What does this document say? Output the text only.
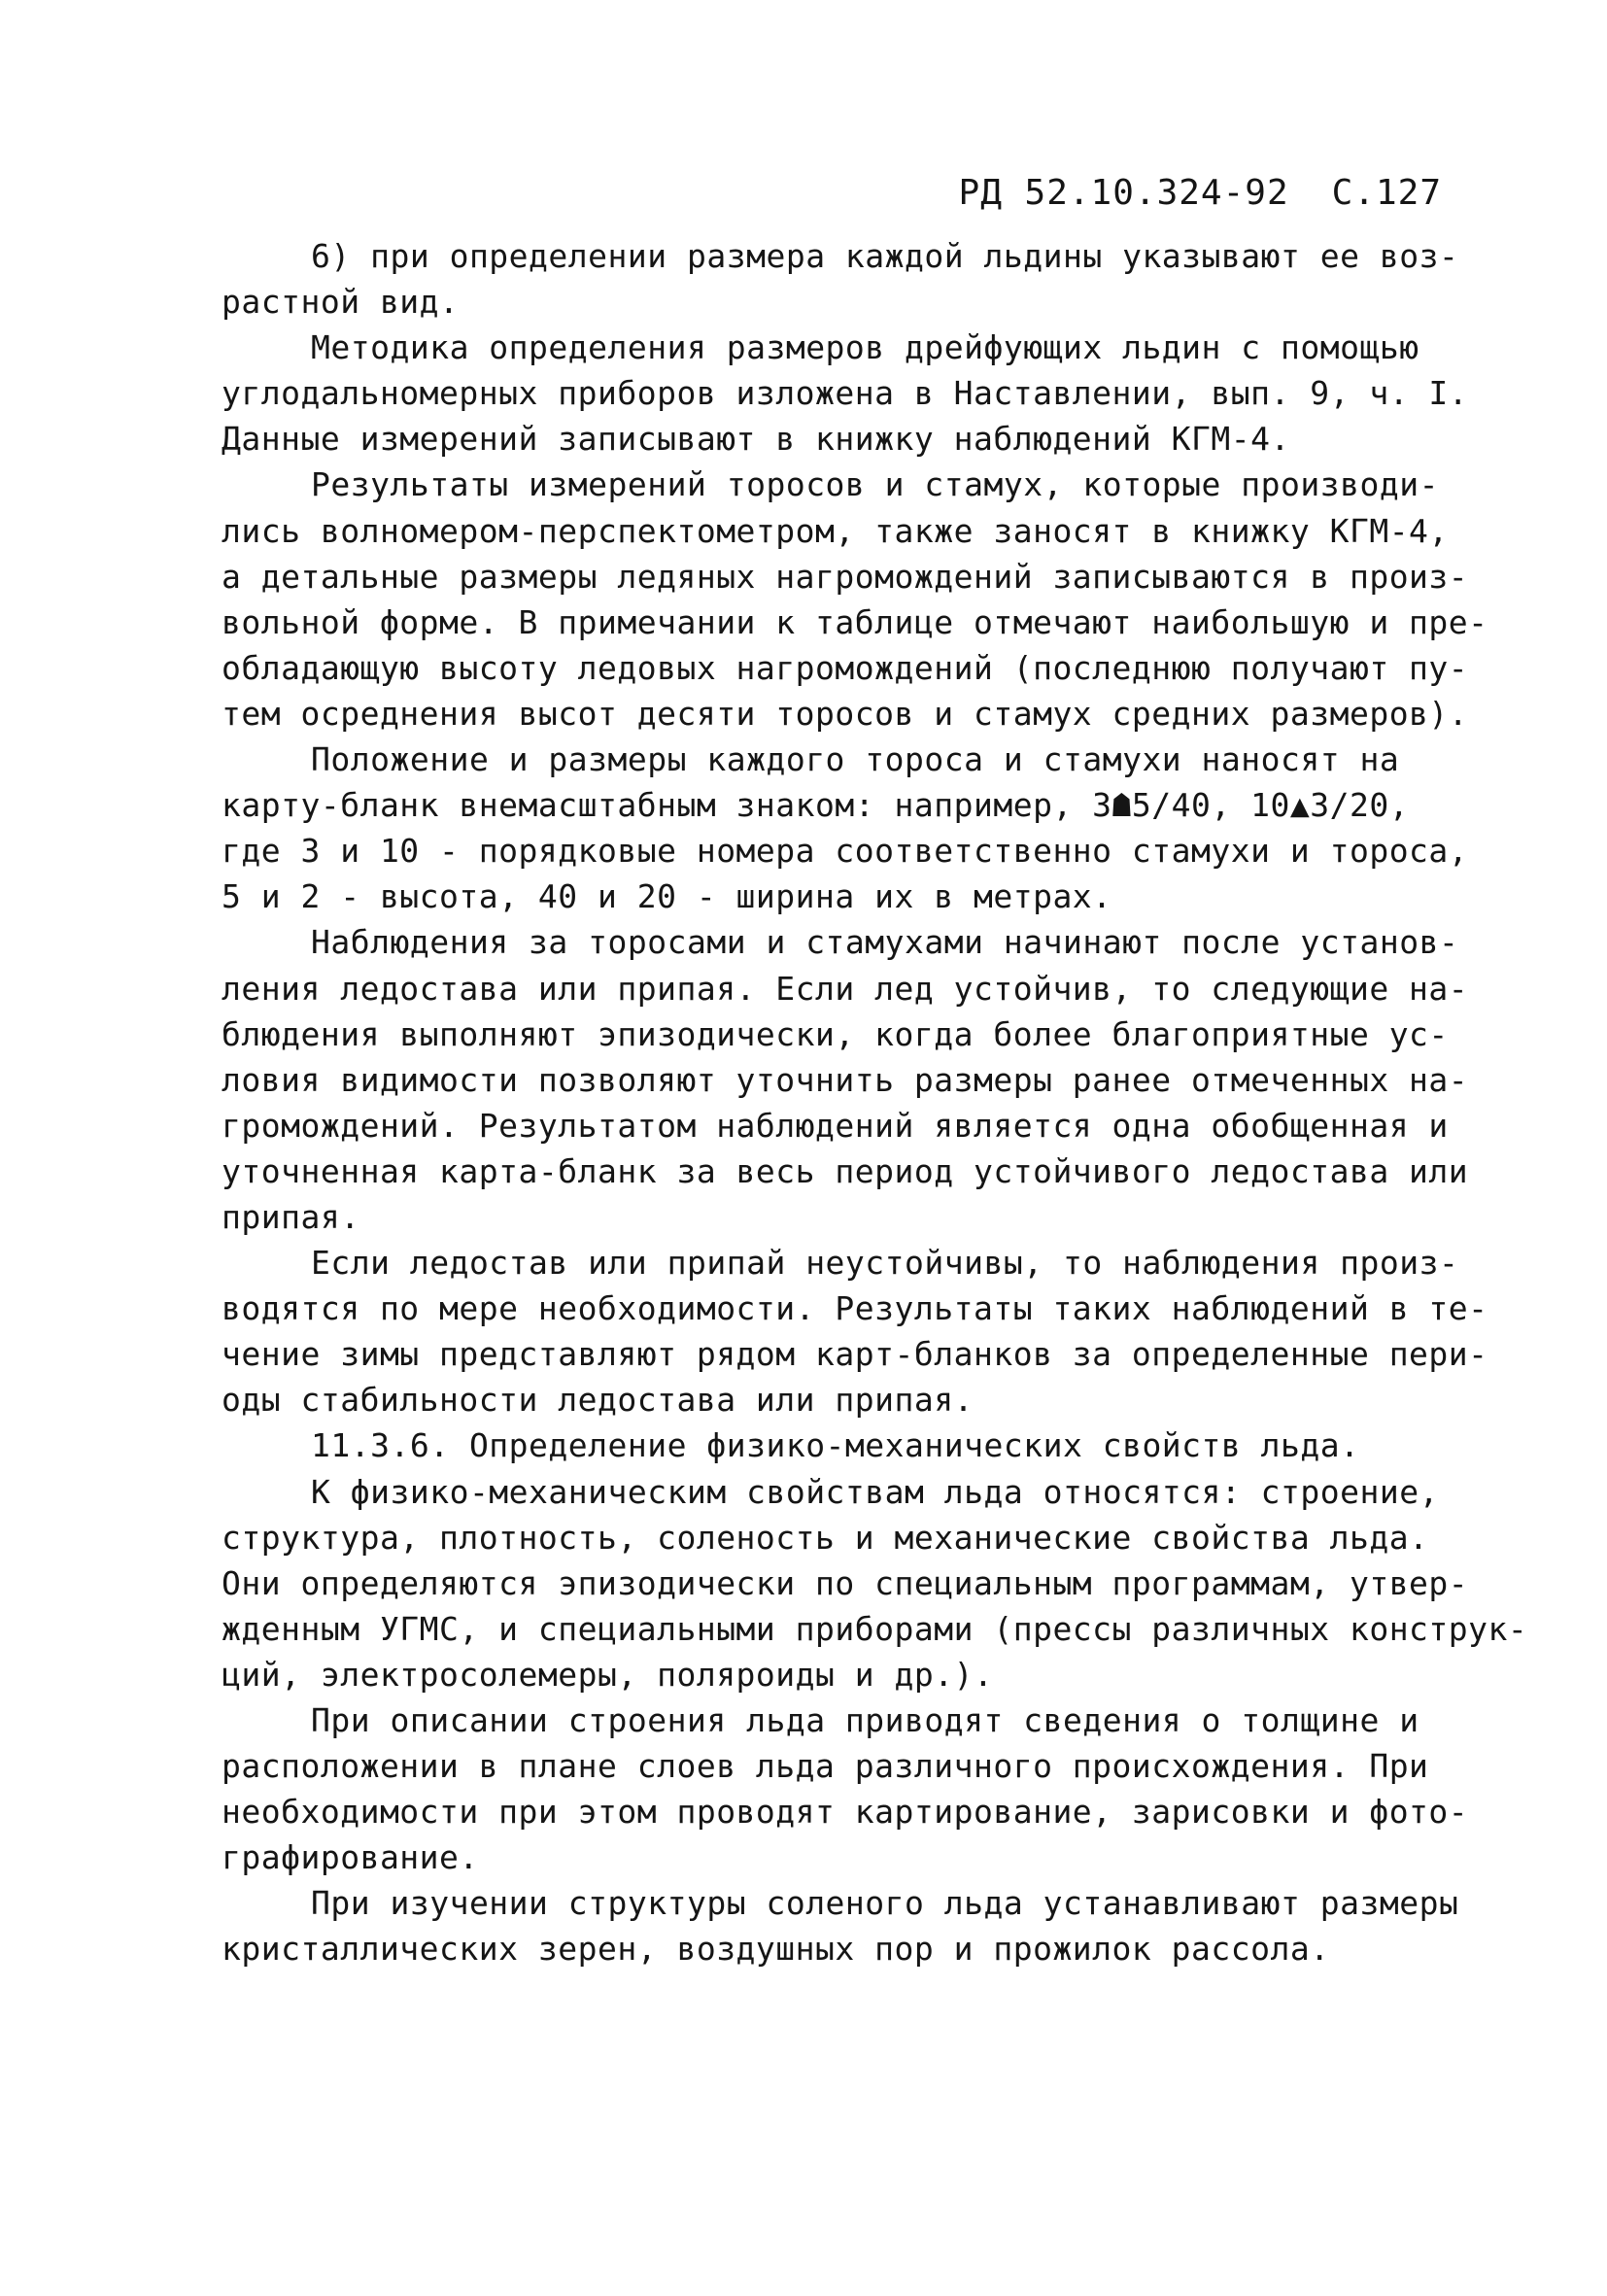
РД 52.10.324-92 С.127
6) при определении размера каждой льдины указывают ее воз-
растной вид.
Методика определения размеров дрейфующих льдин с помощью
углодальномерных приборов изложена в Наставлении, вып. 9, ч. I.
Данные измерений записывают в книжку наблюдений КГМ-4.
Результаты измерений торосов и стамух, которые производи-
лись волномером-перспектометром, также заносят в книжку КГМ-4,
а детальные размеры ледяных нагромождений записываются в произ-
вольной форме. В примечании к таблице отмечают наибольшую и пре-
обладающую высоту ледовых нагромождений (последнюю получают пу-
тем осреднения высот десяти торосов и стамух средних размеров).
Положение и размеры каждого тороса и стамухи наносят на
карту-бланк внемасштабным знаком: например, 3☗5/40, 10▲3/20,
где 3 и 10 - порядковые номера соответственно стамухи и тороса,
5 и 2 - высота, 40 и 20 - ширина их в метрах.
Наблюдения за торосами и стамухами начинают после установ-
ления ледостава или припая. Если лед устойчив, то следующие на-
блюдения выполняют эпизодически, когда более благоприятные ус-
ловия видимости позволяют уточнить размеры ранее отмеченных на-
громождений. Результатом наблюдений является одна обобщенная и
уточненная карта-бланк за весь период устойчивого ледостава или
припая.
Если ледостав или припай неустойчивы, то наблюдения произ-
водятся по мере необходимости. Результаты таких наблюдений в те-
чение зимы представляют рядом карт-бланков за определенные пери-
оды стабильности ледостава или припая.
11.3.6. Определение физико-механических свойств льда.
К физико-механическим свойствам льда относятся: строение,
структура, плотность, соленость и механические свойства льда.
Они определяются эпизодически по специальным программам, утвер-
жденным УГМС, и специальными приборами (прессы различных конструк-
ций, электросолемеры, поляроиды и др.).
При описании строения льда приводят сведения о толщине и
расположении в плане слоев льда различного происхождения. При
необходимости при этом проводят картирование, зарисовки и фото-
графирование.
При изучении структуры соленого льда устанавливают размеры
кристаллических зерен, воздушных пор и прожилок рассола.
